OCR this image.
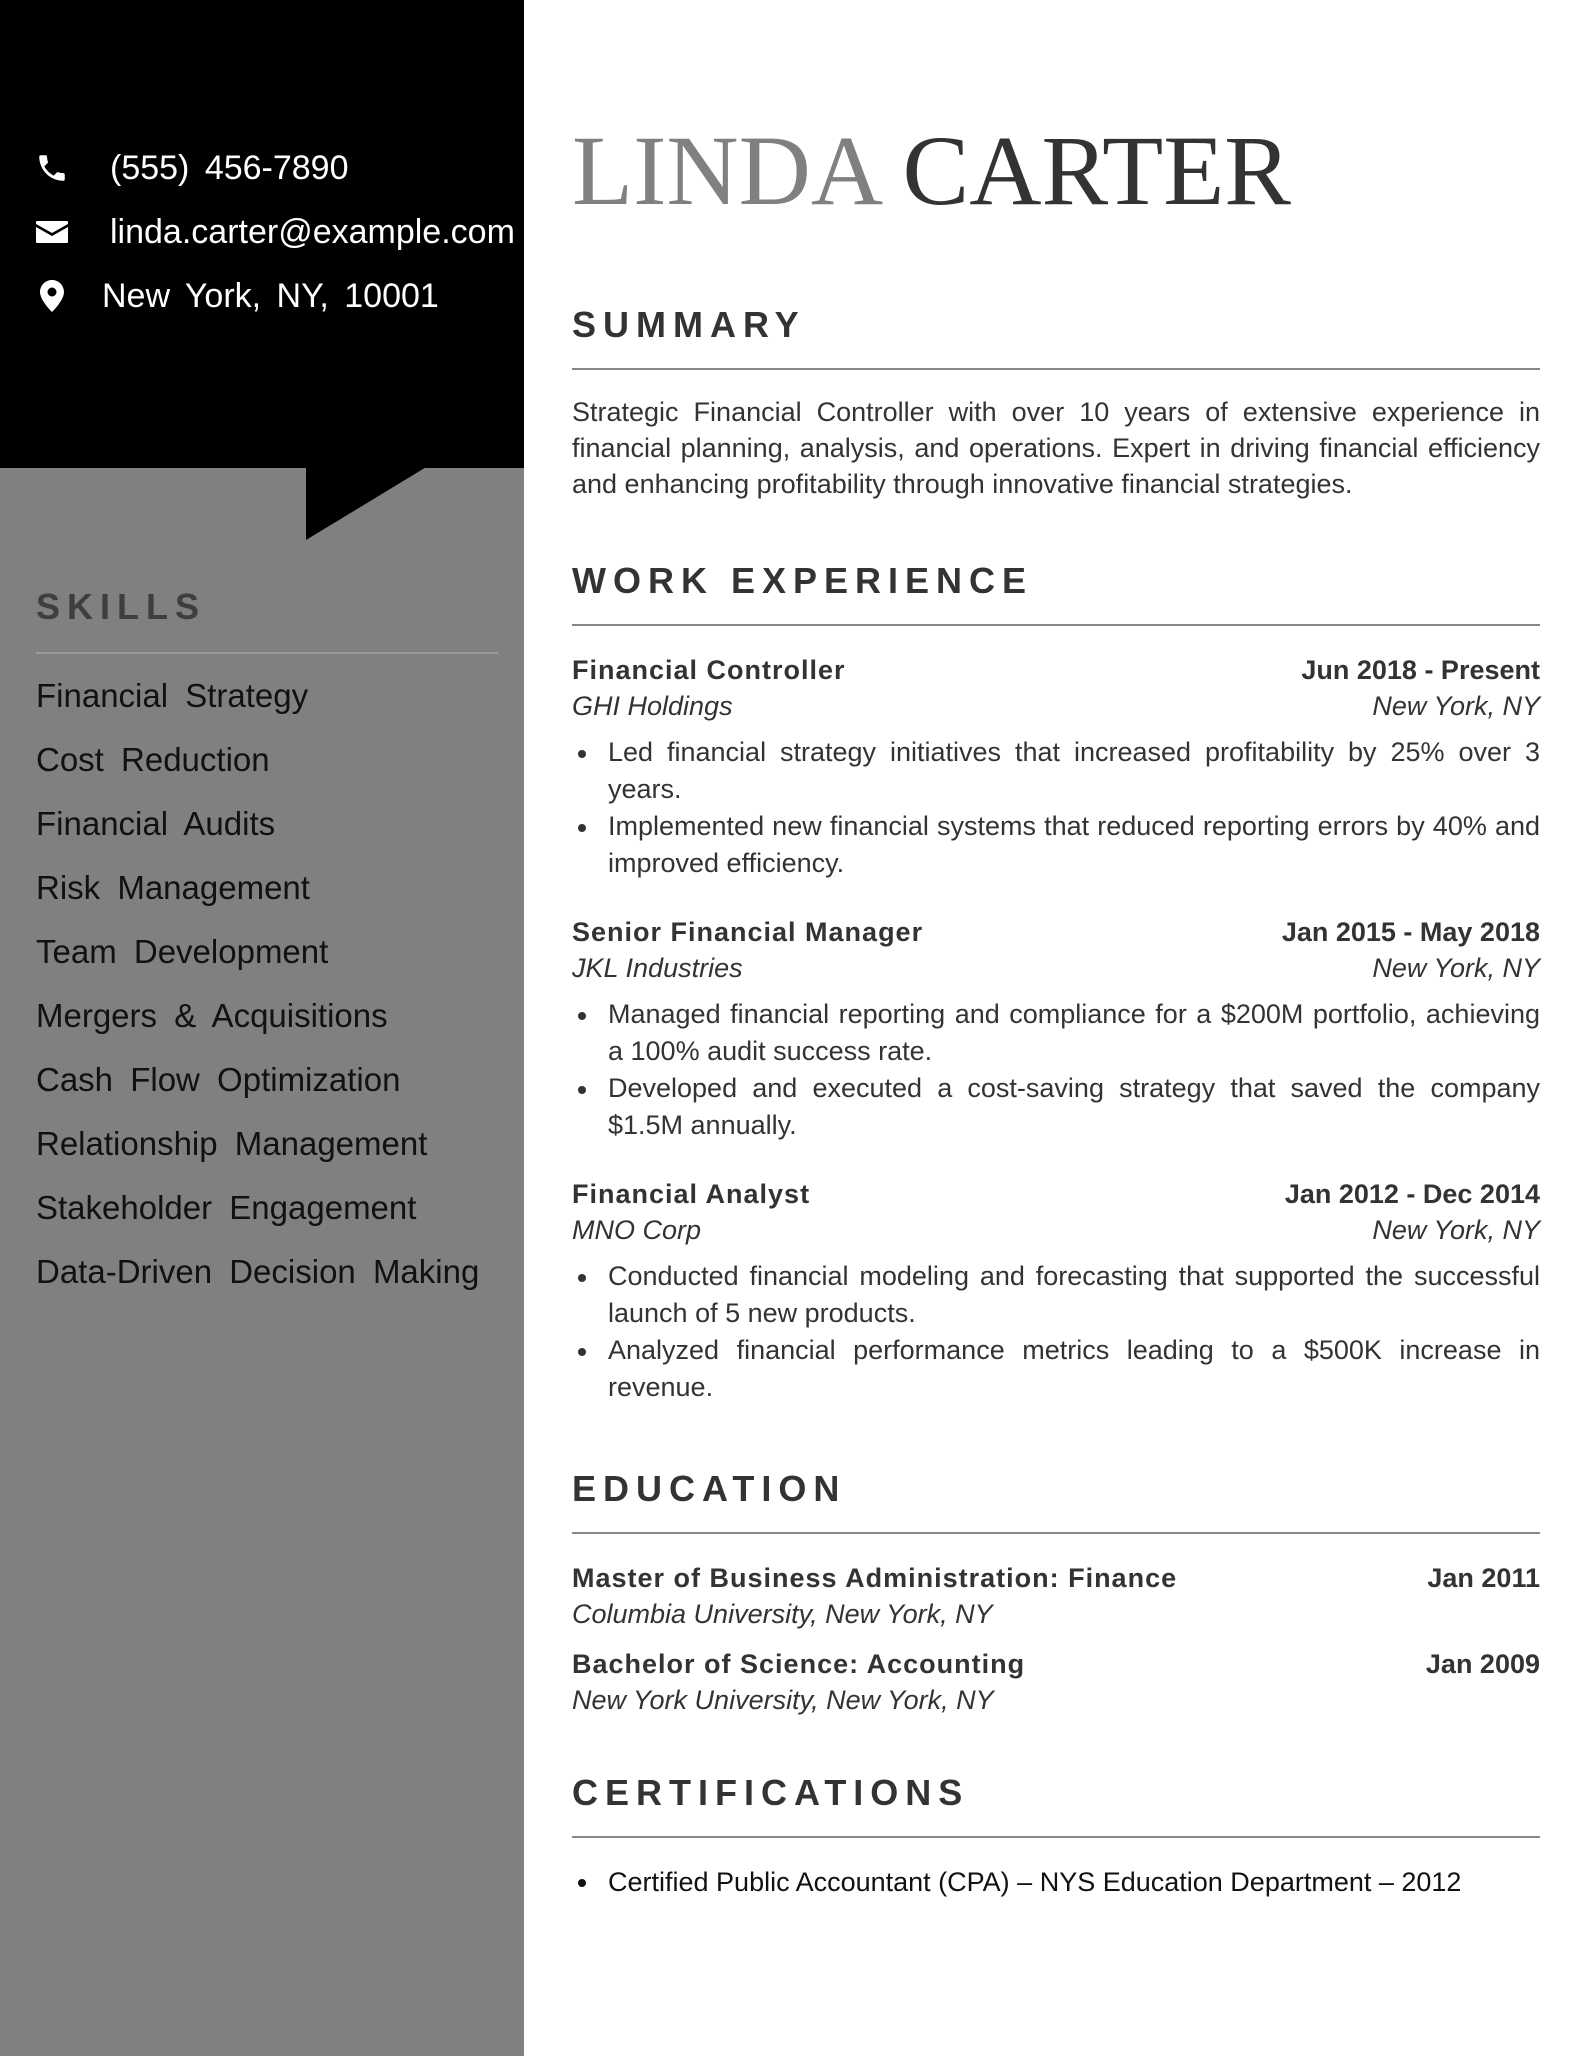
(555) 456-7890
linda.carter@example.com
New York, NY, 10001
SKILLS
Financial Strategy
Cost Reduction
Financial Audits
Risk Management
Team Development
Mergers & Acquisitions
Cash Flow Optimization
Relationship Management
Stakeholder Engagement
Data-Driven Decision Making
LINDA CARTER
SUMMARY
Strategic Financial Controller with over 10 years of extensive experience in financial planning, analysis, and operations. Expert in driving financial efficiency and enhancing profitability through innovative financial strategies.
WORK EXPERIENCE
Financial Controller	Jun 2018 - Present
GHI Holdings	New York, NY
Led financial strategy initiatives that increased profitability by 25% over 3 years.
Implemented new financial systems that reduced reporting errors by 40% and improved efficiency.
Senior Financial Manager	Jan 2015 - May 2018
JKL Industries	New York, NY
Managed financial reporting and compliance for a $200M portfolio, achieving a 100% audit success rate.
Developed and executed a cost-saving strategy that saved the company $1.5M annually.
Financial Analyst	Jan 2012 - Dec 2014
MNO Corp	New York, NY
Conducted financial modeling and forecasting that supported the successful launch of 5 new products.
Analyzed financial performance metrics leading to a $500K increase in revenue.
EDUCATION
Master of Business Administration: Finance	Jan 2011
Columbia University, New York, NY
Bachelor of Science: Accounting	Jan 2009
New York University, New York, NY
CERTIFICATIONS
Certified Public Accountant (CPA) – NYS Education Department – 2012
